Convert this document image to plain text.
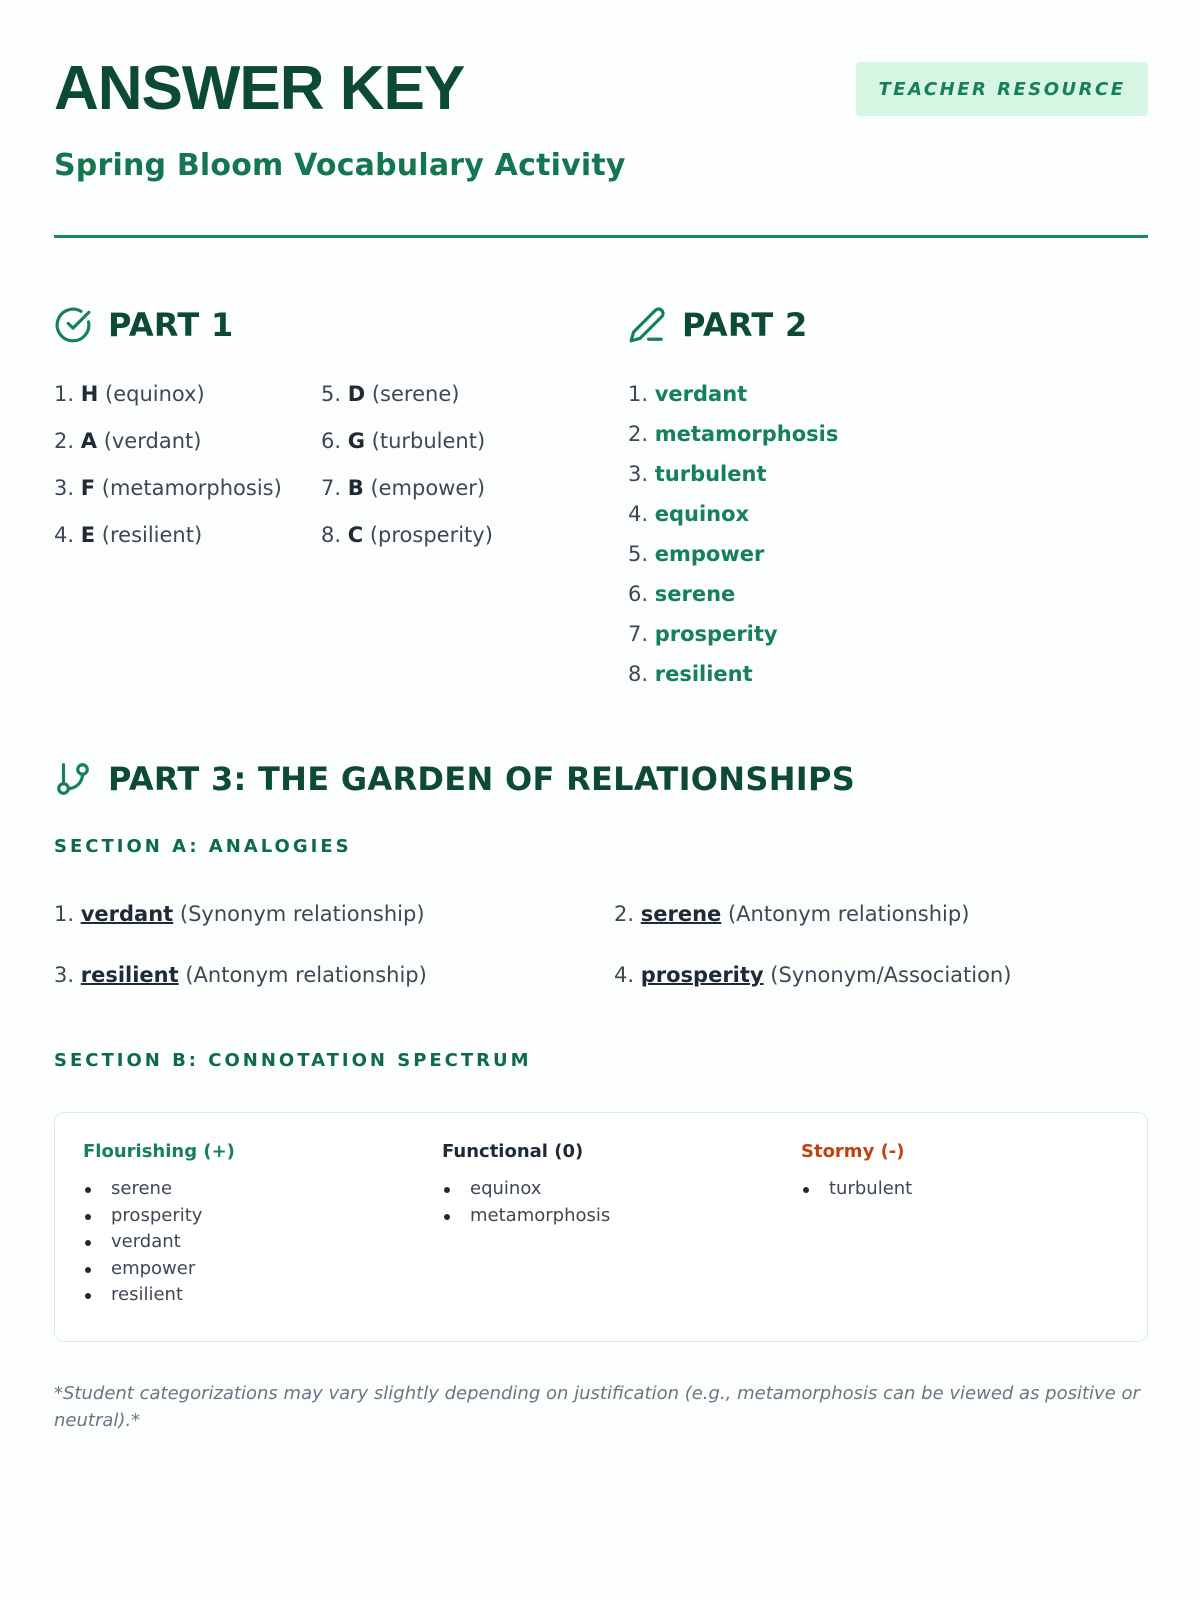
ANSWER KEY	TEACHER RESOURCE
Spring Bloom Vocabulary Activity
PART 1
1. H (equinox)
2. A (verdant)
3. F (metamorphosis)
4. E (resilient)
5. D (serene)
6. G (turbulent)
7. B (empower)
8. C (prosperity)
PART 2
1. verdant
2. metamorphosis
3. turbulent
4. equinox
5. empower
6. serene
7. prosperity
8. resilient
PART 3: THE GARDEN OF RELATIONSHIPS
SECTION A: ANALOGIES
1. verdant (Synonym relationship)	2. serene (Antonym relationship)
3. resilient (Antonym relationship)	4. prosperity (Synonym/Association)
SECTION B: CONNOTATION SPECTRUM
Flourishing (+)
serene
prosperity
verdant
empower
resilient
Functional (0)
equinox
metamorphosis
Stormy (-)
turbulent
*Student categorizations may vary slightly depending on justification (e.g., metamorphosis can be viewed as positive or neutral).*
